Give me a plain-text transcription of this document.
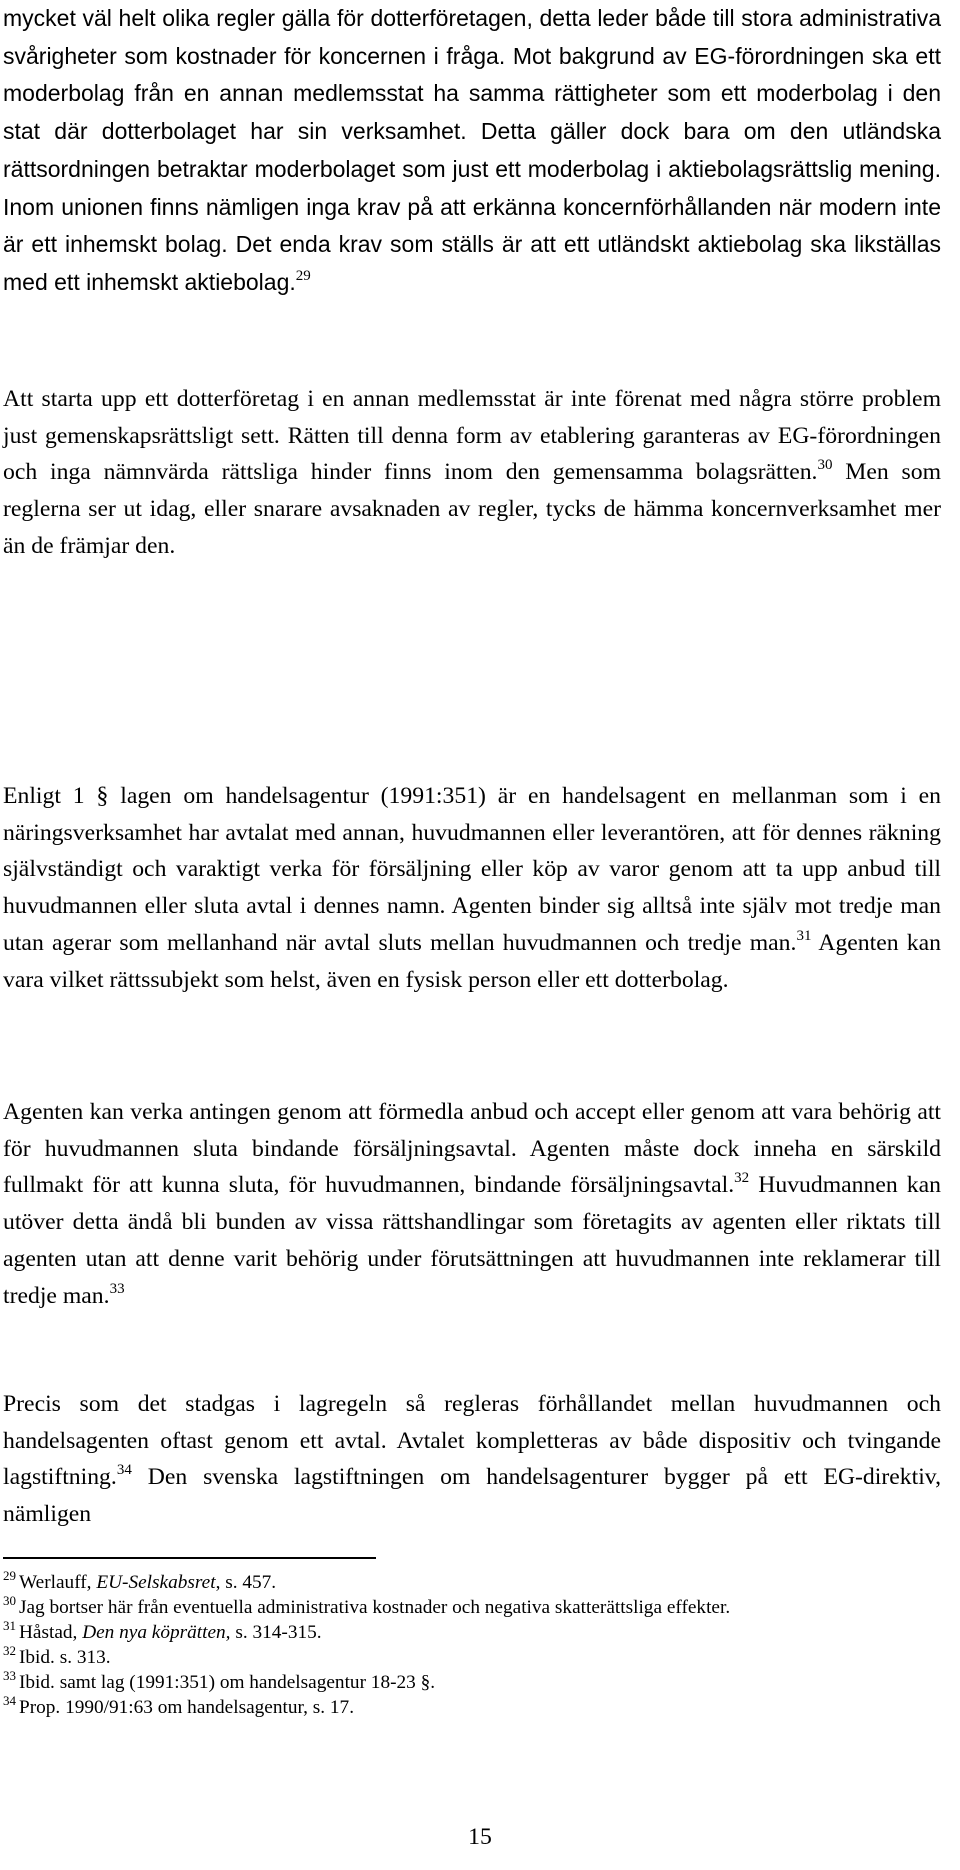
mycket väl helt olika regler gälla för dotterföretagen, detta leder både till stora administrativa svårigheter som kostnader för koncernen i fråga. Mot bakgrund av EG-förordningen ska ett moderbolag från en annan medlemsstat ha samma rättigheter som ett moderbolag i den stat där dotterbolaget har sin verksamhet. Detta gäller dock bara om den utländska rättsordningen betraktar moderbolaget som just ett moderbolag i aktiebolagsrättslig mening. Inom unionen finns nämligen inga krav på att erkänna koncernförhållanden när modern inte är ett inhemskt bolag. Det enda krav som ställs är att ett utländskt aktiebolag ska likställas med ett inhemskt aktiebolag.$^{29}$

Att starta upp ett dotterföretag i en annan medlemsstat är inte förenat med några större problem just gemenskapsrättsligt sett. Rätten till denna form av etablering garanteras av EG-förordningen och inga nämnvärda rättsliga hinder finns inom den gemensamma bolagsrätten.$^{30}$ Men som reglerna ser ut idag, eller snarare avsaknaden av regler, tycks de hämma koncernverksamhet mer än de främjar den.

Enligt 1 § lagen om handelsagentur (1991:351) är en handelsagent en mellanman som i en näringsverksamhet har avtalat med annan, huvudmannen eller leverantören, att för dennes räkning självständigt och varaktigt verka för försäljning eller köp av varor genom att ta upp anbud till huvudmannen eller sluta avtal i dennes namn. Agenten binder sig alltså inte själv mot tredje man utan agerar som mellanhand när avtal sluts mellan huvudmannen och tredje man.$^{31}$ Agenten kan vara vilket rättssubjekt som helst, även en fysisk person eller ett dotterbolag.

Agenten kan verka antingen genom att förmedla anbud och accept eller genom att vara behörig att för huvudmannen sluta bindande försäljningsavtal. Agenten måste dock inneha en särskild fullmakt för att kunna sluta, för huvudmannen, bindande försäljningsavtal.$^{32}$ Huvudmannen kan utöver detta ändå bli bunden av vissa rättshandlingar som företagits av agenten eller riktats till agenten utan att denne varit behörig under förutsättningen att huvudmannen inte reklamerar till tredje man.$^{33}$

Precis som det stadgas i lagregeln så regleras förhållandet mellan huvudmannen och handelsagenten oftast genom ett avtal. Avtalet kompletteras av både dispositiv och tvingande lagstiftning.$^{34}$ Den svenska lagstiftningen om handelsagenturer bygger på ett EG-direktiv, nämligen

$^{29}$ Werlauff, EU-Selskabsret, s. 457.
$^{30}$ Jag bortser här från eventuella administrativa kostnader och negativa skatterättsliga effekter.
$^{31}$ Håstad, Den nya köprätten, s. 314-315.
$^{32}$ Ibid. s. 313.
$^{33}$ Ibid. samt lag (1991:351) om handelsagentur 18-23 §.
$^{34}$ Prop. 1990/91:63 om handelsagentur, s. 17.
15
